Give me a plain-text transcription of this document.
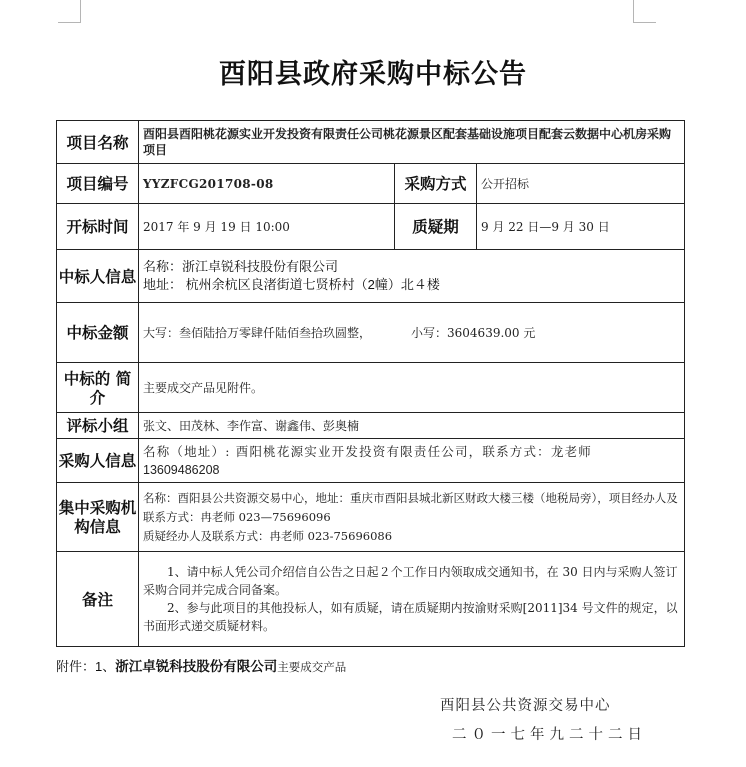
酉阳县政府采购中标公告
项目名称	酉阳县酉阳桃花源实业开发投资有限责任公司桃花源景区配套基础设施项目配套云数据中心机房采购项目		

项目编号	YYZFCG201708-08	采购方式	公开招标
开标时间	2017 年 9 月 19 日 10:00	质疑期	9 月 22 日—9 月 30 日
中标人信息	名称：浙江卓锐科技股份有限公司
地址： 杭州余杭区良渚街道七贤桥村（2幢）北４楼		

中标金额	大写：叁佰陆拾万零肆仟陆佰叁拾玖圆整， 小写：3604639.00 元		
中标的 简介	主要成交产品见附件。		
评标小组	张文、田茂林、李作富、谢鑫伟、彭奥楠		
采购人信息	名称（地址）: 酉阳桃花源实业开发投资有限责任公司，联系方式：龙老师
13609486208		

集中采购机构信息	名称：酉阳县公共资源交易中心，地址：重庆市酉阳县城北新区财政大楼三楼（地税局旁），项目经办人及联系方式：冉老师 023—75696096
质疑经办人及联系方式：冉老师 023-75696086		

备注	1、请中标人凭公司介绍信自公告之日起２个工作日内领取成交通知书，在 30 日内与采购人签订采购合同并完成合同备案。

2、参与此项目的其他投标人，如有质疑，请在质疑期内按渝财采购[2011]34 号文件的规定，以书面形式递交质疑材料。		

附件：1、浙江卓锐科技股份有限公司主要成交产品
酉阳县公共资源交易中心
二０一七年九二十二日
